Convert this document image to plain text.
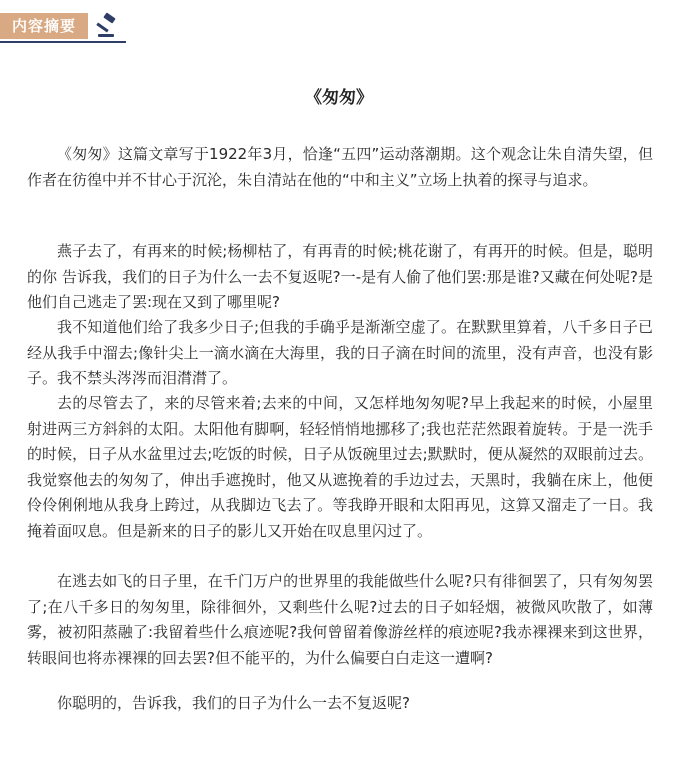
内容摘要
《匆匆》

《匆匆》这篇文章写于1922年3月，恰逢“五四”运动落潮期。这个观念让朱自清失望，但作者在彷徨中并不甘心于沉沦，朱自清站在他的“中和主义”立场上执着的探寻与追求。

燕子去了，有再来的时候;杨柳枯了，有再青的时候;桃花谢了，有再开的时候。但是，聪明的你 告诉我，我们的日子为什么一去不复返呢?一-是有人偷了他们罢:那是谁?又藏在何处呢?是他们自己逃走了罢:现在又到了哪里呢?

我不知道他们给了我多少日子;但我的手确乎是渐渐空虚了。在默默里算着，八千多日子已经从我手中溜去;像针尖上一滴水滴在大海里，我的日子滴在时间的流里，没有声音，也没有影子。我不禁头涔涔而泪潸潸了。

去的尽管去了，来的尽管来着;去来的中间，又怎样地匆匆呢?早上我起来的时候，小屋里射进两三方斜斜的太阳。太阳他有脚啊，轻轻悄悄地挪移了;我也茫茫然跟着旋转。于是一洗手的时候，日子从水盆里过去;吃饭的时候，日子从饭碗里过去;默默时，便从凝然的双眼前过去。我觉察他去的匆匆了，伸出手遮挽时，他又从遮挽着的手边过去，天黑时，我躺在床上，他便伶伶俐俐地从我身上跨过，从我脚边飞去了。等我睁开眼和太阳再见，这算又溜走了一日。我掩着面叹息。但是新来的日子的影儿又开始在叹息里闪过了。

在逃去如飞的日子里，在千门万户的世界里的我能做些什么呢?只有徘徊罢了，只有匆匆罢了;在八千多日的匆匆里，除徘徊外，又剩些什么呢?过去的日子如轻烟，被微风吹散了，如薄雾，被初阳蒸融了:我留着些什么痕迹呢?我何曾留着像游丝样的痕迹呢?我赤裸裸来到这世界，转眼间也将赤裸裸的回去罢?但不能平的，为什么偏要白白走这一遭啊?

你聪明的，告诉我，我们的日子为什么一去不复返呢?
